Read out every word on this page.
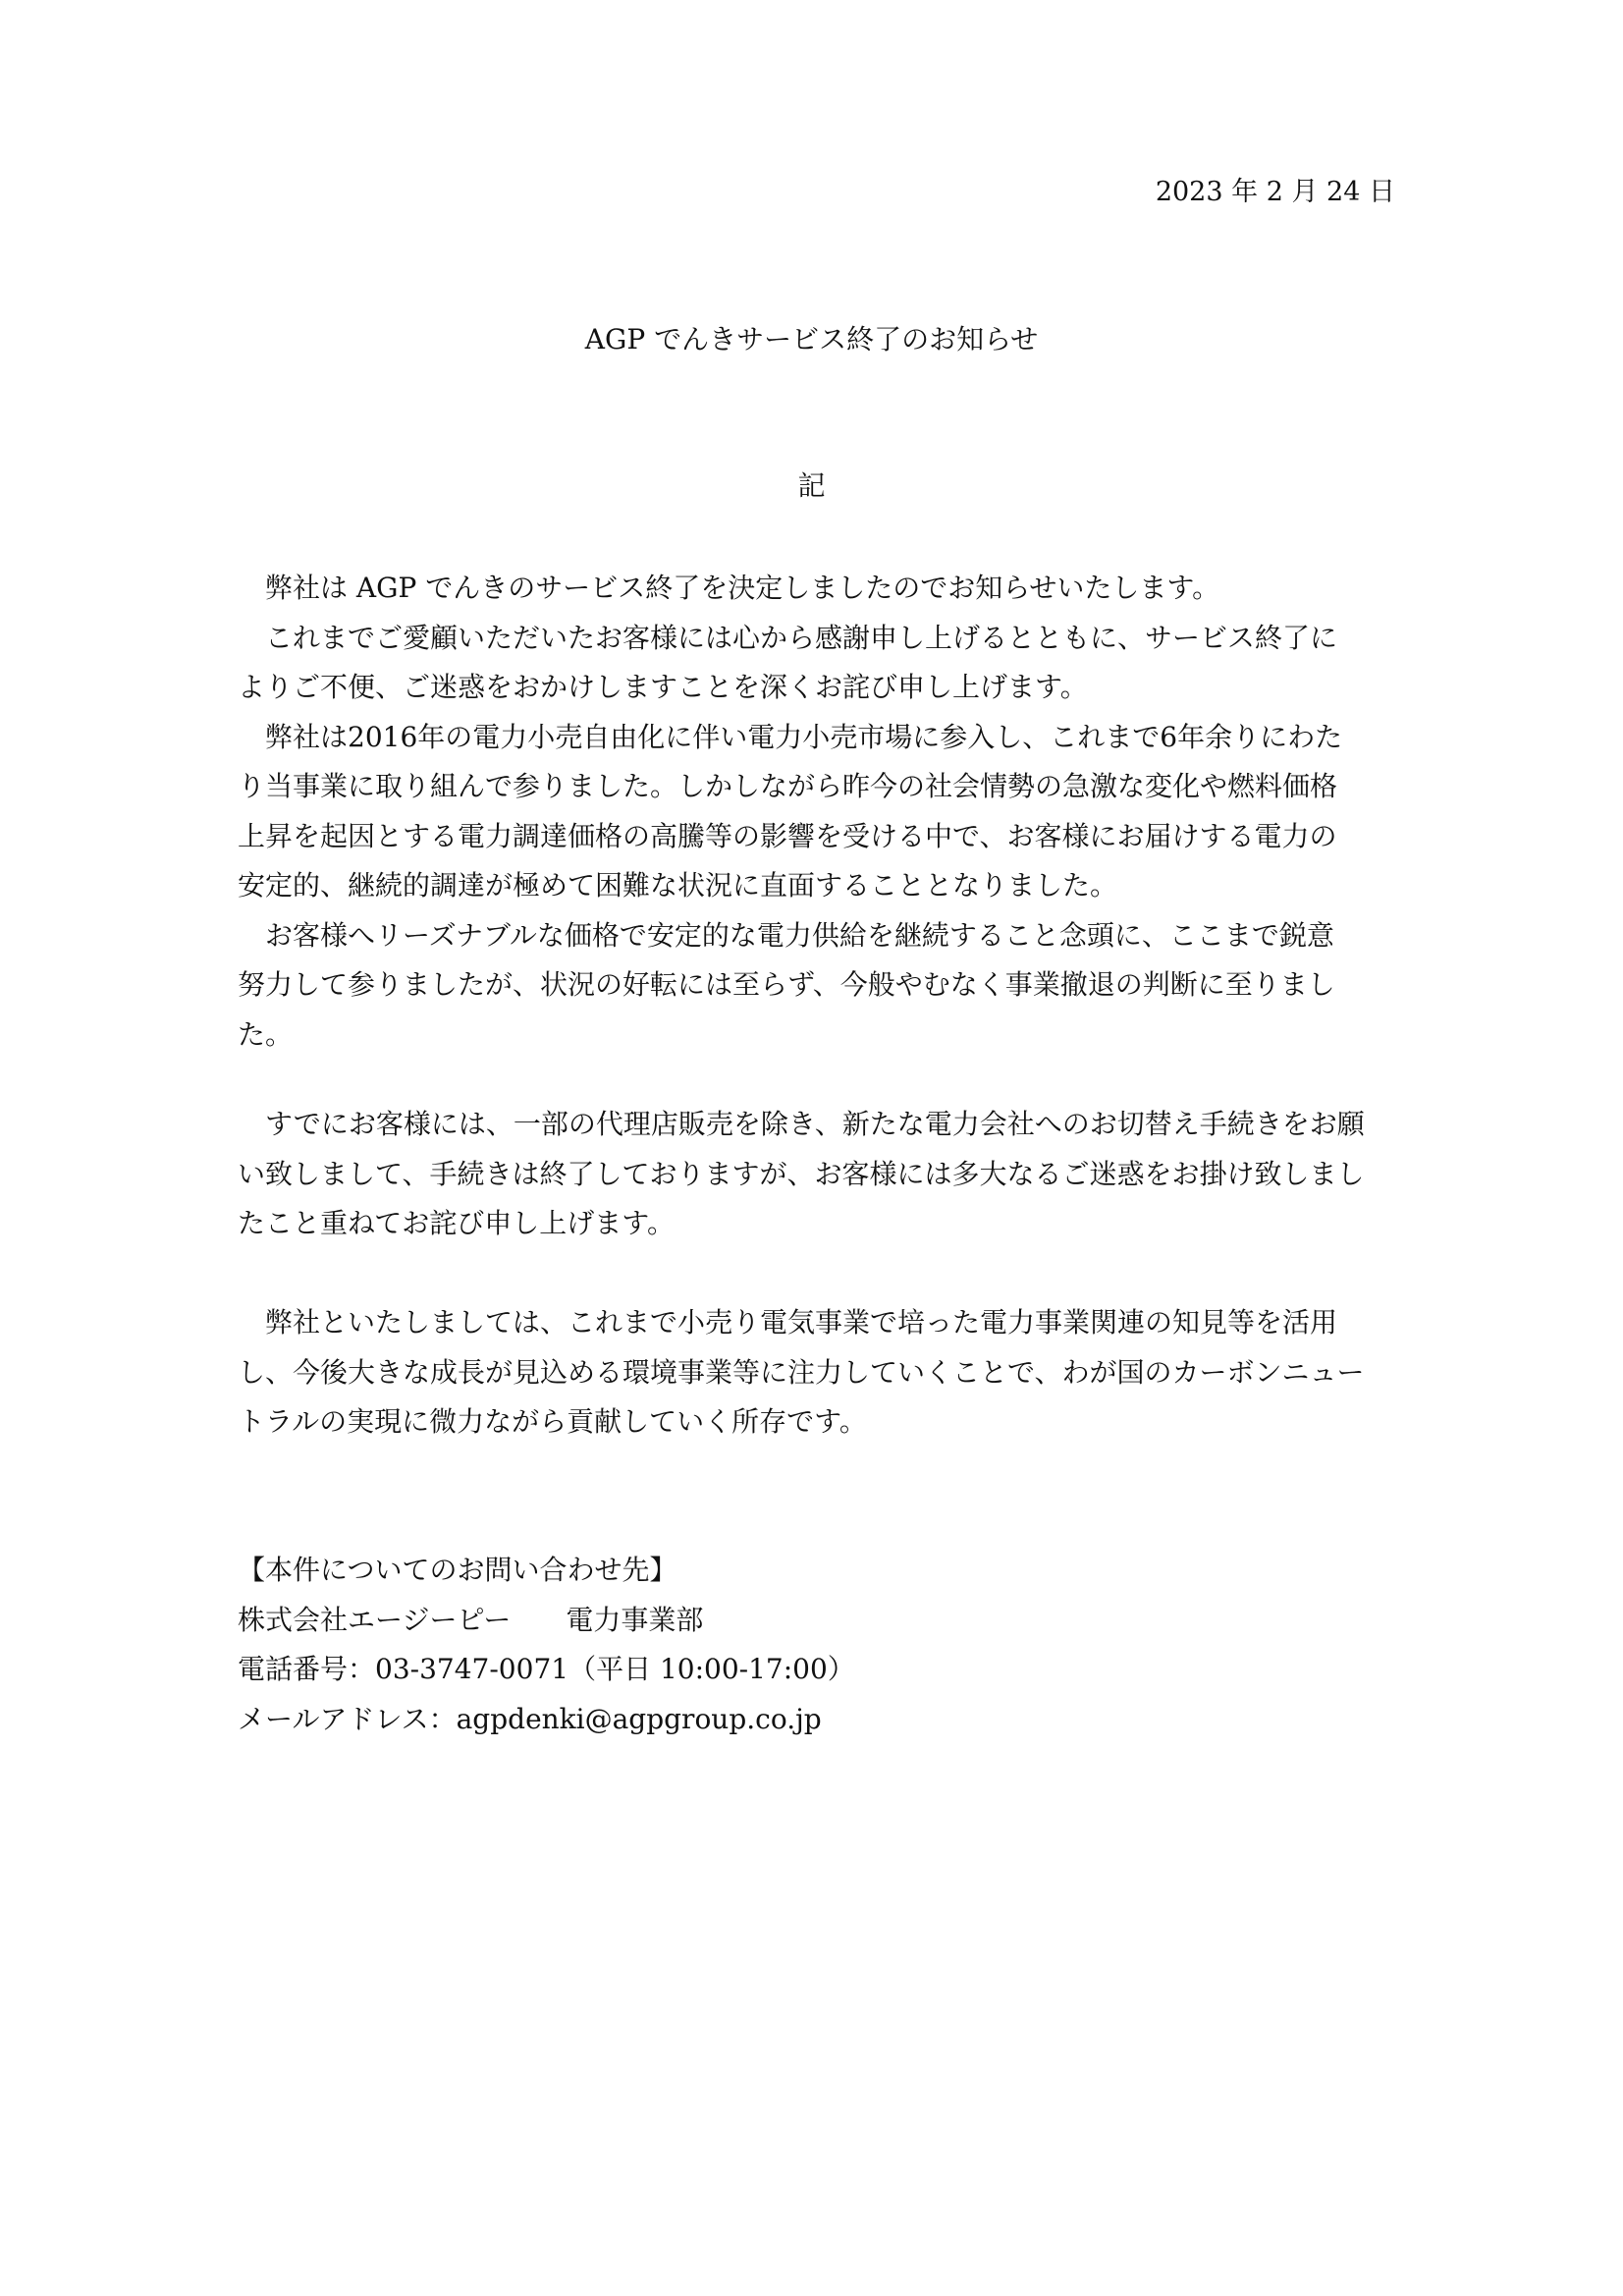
2023 年 2 月 24 日
AGP でんきサービス終了のお知らせ
記
　弊社は AGP でんきのサービス終了を決定しましたのでお知らせいたします。
　これまでご愛顧いただいたお客様には心から感謝申し上げるとともに、サービス終了に
よりご不便、ご迷惑をおかけしますことを深くお詫び申し上げます。
　弊社は2016年の電力小売自由化に伴い電力小売市場に参入し、これまで6年余りにわた
り当事業に取り組んで参りました。しかしながら昨今の社会情勢の急激な変化や燃料価格
上昇を起因とする電力調達価格の高騰等の影響を受ける中で、お客様にお届けする電力の
安定的、継続的調達が極めて困難な状況に直面することとなりました。
　お客様へリーズナブルな価格で安定的な電力供給を継続すること念頭に、ここまで鋭意
努力して参りましたが、状況の好転には至らず、今般やむなく事業撤退の判断に至りまし
た。
　すでにお客様には、一部の代理店販売を除き、新たな電力会社へのお切替え手続きをお願
い致しまして、手続きは終了しておりますが、お客様には多大なるご迷惑をお掛け致しまし
たこと重ねてお詫び申し上げます。
　弊社といたしましては、これまで小売り電気事業で培った電力事業関連の知見等を活用
し、今後大きな成長が見込める環境事業等に注力していくことで、わが国のカーボンニュー
トラルの実現に微力ながら貢献していく所存です。
【本件についてのお問い合わせ先】
株式会社エージーピー　　電力事業部
電話番号：03-3747-0071（平日 10:00-17:00）
メールアドレス：agpdenki@agpgroup.co.jp
